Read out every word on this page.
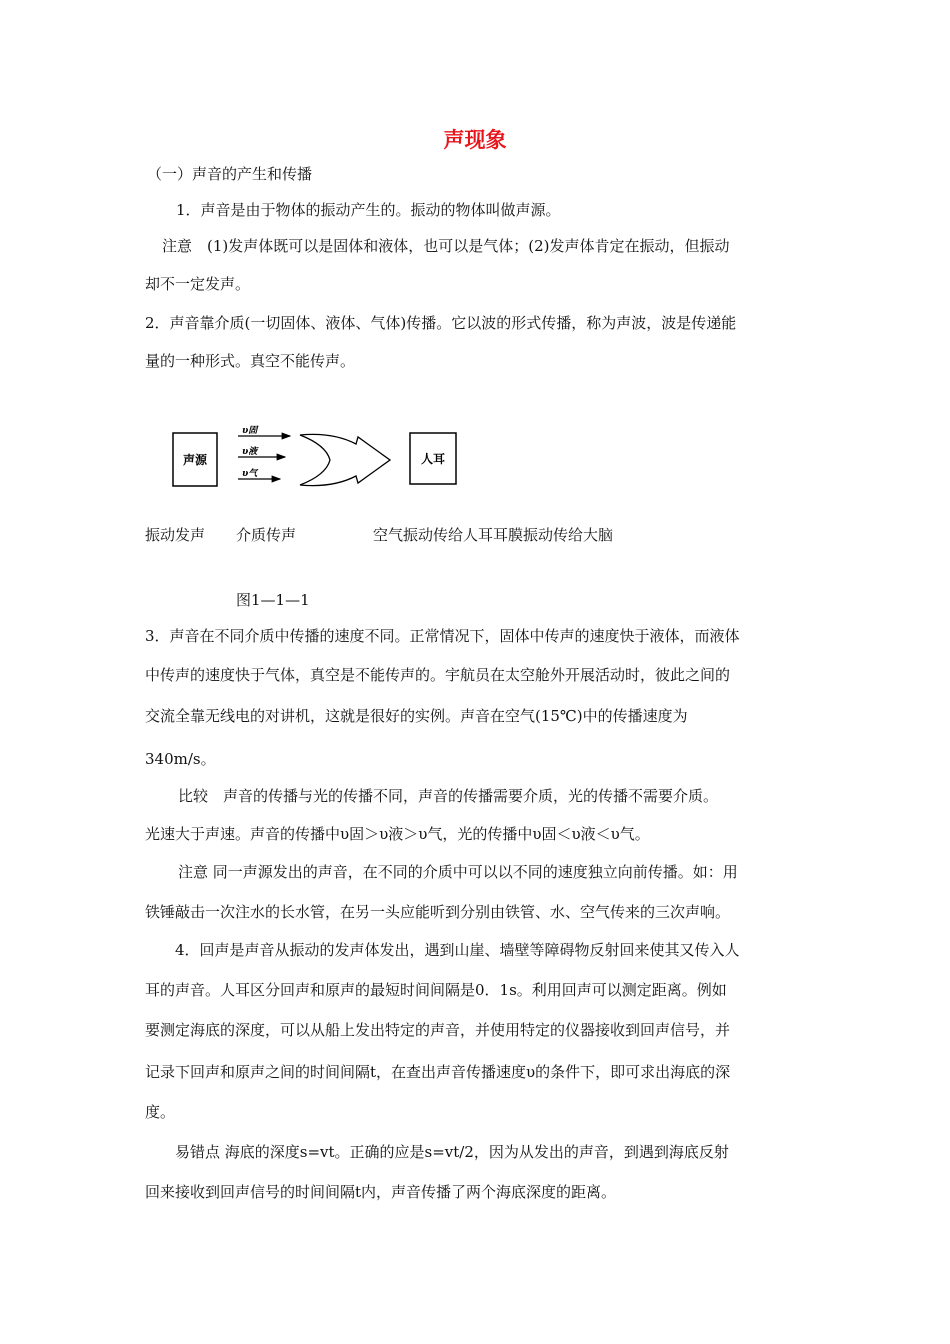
声现象
（一）声音的产生和传播
1．声音是由于物体的振动产生的。振动的物体叫做声源。
注意　(1)发声体既可以是固体和液体，也可以是气体；(2)发声体肯定在振动，但振动
却不一定发声。
2．声音靠介质(一切固体、液体、气体)传播。它以波的形式传播，称为声波，波是传递能
量的一种形式。真空不能传声。
声源
υ固
υ液
υ气
人耳
振动发声 介质传声	空气振动传给人耳耳膜振动传给大脑
图1—1—1
3．声音在不同介质中传播的速度不同。正常情况下，固体中传声的速度快于液体，而液体
中传声的速度快于气体，真空是不能传声的。宇航员在太空舱外开展活动时，彼此之间的
交流全靠无线电的对讲机，这就是很好的实例。声音在空气(15℃)中的传播速度为
340m/s。
比较　声音的传播与光的传播不同，声音的传播需要介质，光的传播不需要介质。
光速大于声速。声音的传播中υ固＞υ液＞υ气，光的传播中υ固＜υ液＜υ气。
注意 同一声源发出的声音，在不同的介质中可以以不同的速度独立向前传播。如：用
铁锤敲击一次注水的长水管，在另一头应能听到分别由铁管、水、空气传来的三次声响。
4．回声是声音从振动的发声体发出，遇到山崖、墙壁等障碍物反射回来使其又传入人
耳的声音。人耳区分回声和原声的最短时间间隔是0．1s。利用回声可以测定距离。例如
要测定海底的深度，可以从船上发出特定的声音，并使用特定的仪器接收到回声信号，并
记录下回声和原声之间的时间间隔t，在查出声音传播速度υ的条件下，即可求出海底的深
度。
易错点 海底的深度s=vt。正确的应是s=vt/2，因为从发出的声音，到遇到海底反射
回来接收到回声信号的时间间隔t内，声音传播了两个海底深度的距离。
